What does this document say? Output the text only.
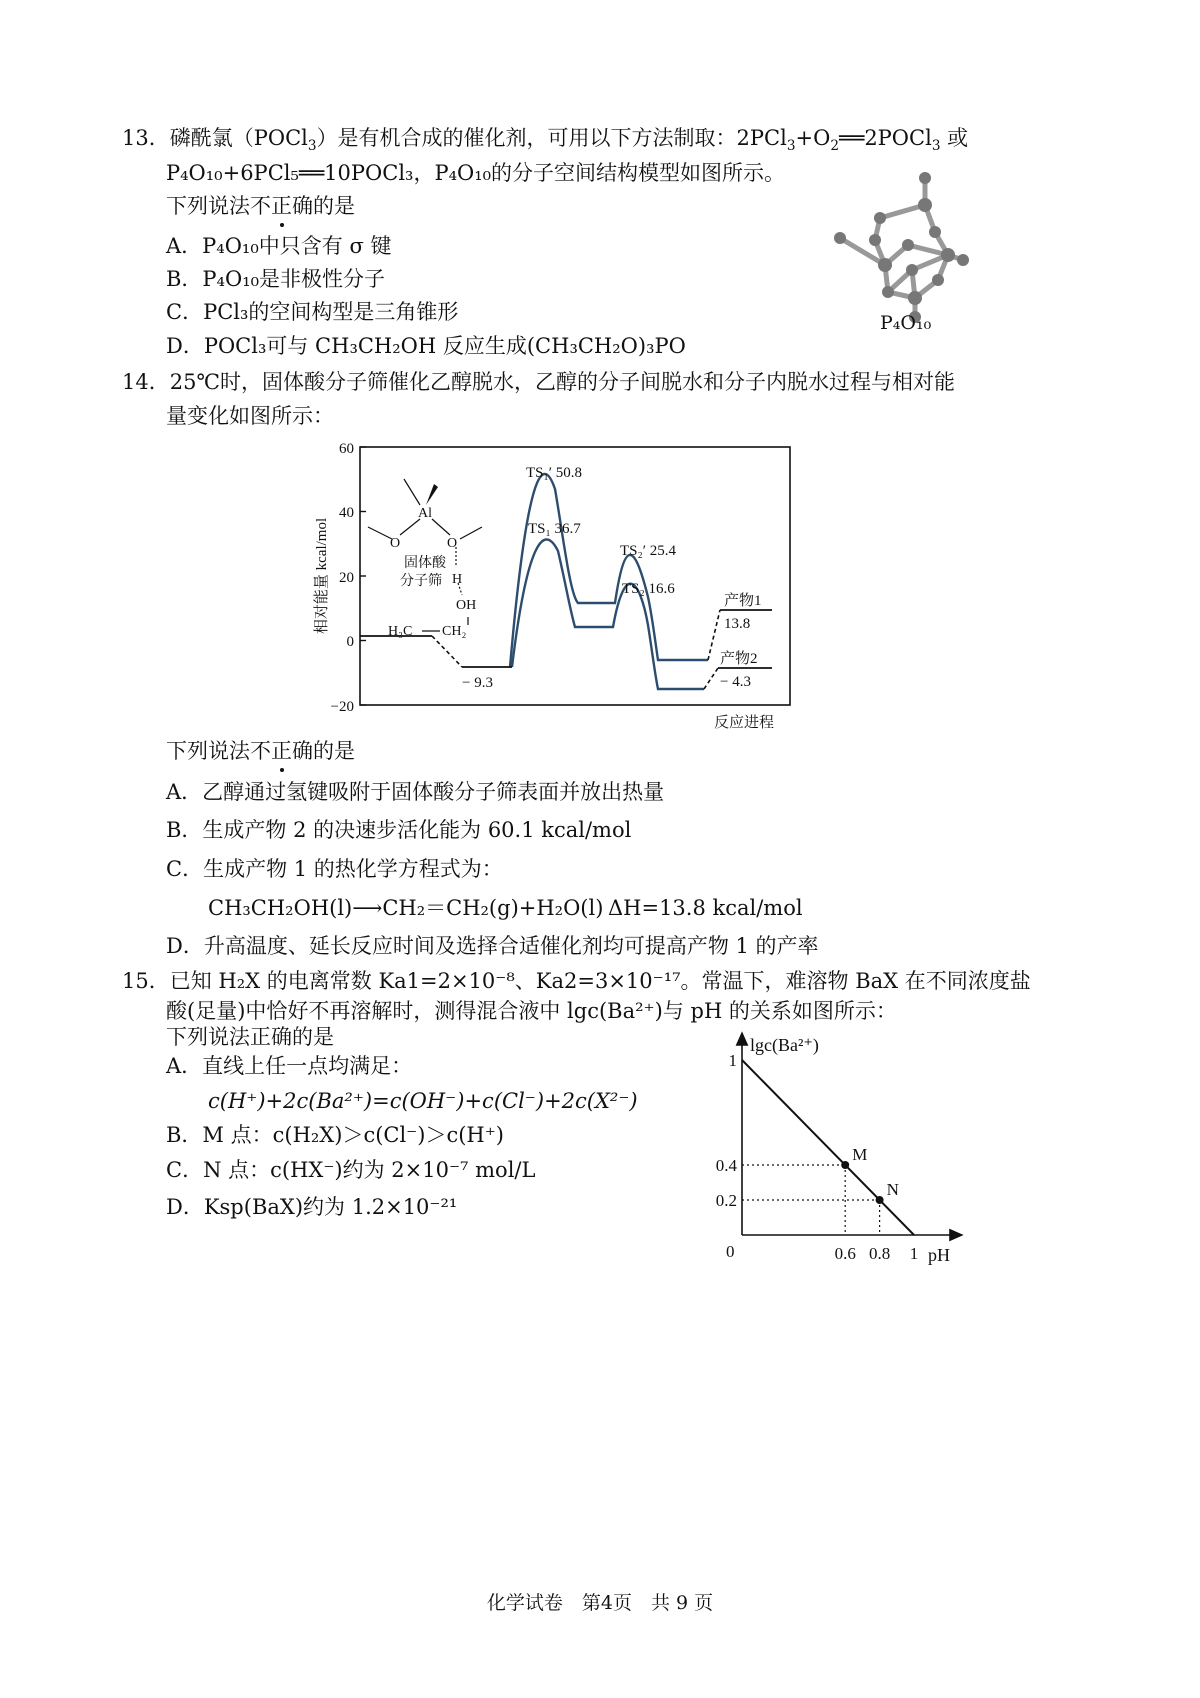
13．磷酰氯（POCl$_3$）是有机合成的催化剂，可用以下方法制取：$2PCl_3+O_2══2POCl_3$ 或
P₄O₁₀+6PCl₅══10POCl₃，P₄O₁₀的分子空间结构模型如图所示。
下列说法不正确的是
A．P₄O₁₀中只含有 σ 键
B．P₄O₁₀是非极性分子
C．PCl₃的空间构型是三角锥形
D．POCl₃可与 CH₃CH₂OH 反应生成(CH₃CH₂O)₃PO
P₄O₁₀
14．25℃时，固体酸分子筛催化乙醇脱水，乙醇的分子间脱水和分子内脱水过程与相对能
量变化如图所示：
60
40
20
0
−20
相对能量 kcal/mol
TS₁′ 50.8
TS₁ 36.7
TS₂′ 25.4
TS₂ 16.6
产物1
13.8
产物2
− 4.3
− 9.3
反应进程
Al
O	O
固体酸
分子筛 H
OH
H₃C CH₂
下列说法不正确的是
A．乙醇通过氢键吸附于固体酸分子筛表面并放出热量
B．生成产物 2 的决速步活化能为 60.1 kcal/mol
C．生成产物 1 的热化学方程式为：
CH₃CH₂OH(l)⟶CH₂＝CH₂(g)+H₂O(l) ΔH=13.8 kcal/mol
D．升高温度、延长反应时间及选择合适催化剂均可提高产物 1 的产率
15．已知 H₂X 的电离常数 Ka1=2×10⁻⁸、Ka2=3×10⁻¹⁷。常温下，难溶物 BaX 在不同浓度盐
酸(足量)中恰好不再溶解时，测得混合液中 lgc(Ba²⁺)与 pH 的关系如图所示：
下列说法正确的是
A．直线上任一点均满足：
c(H⁺)+2c(Ba²⁺)=c(OH⁻)+c(Cl⁻)+2c(X²⁻)
B．M 点：c(H₂X)＞c(Cl⁻)＞c(H⁺)
C．N 点：c(HX⁻)约为 2×10⁻⁷ mol/L
D．Ksp(BaX)约为 1.2×10⁻²¹
M
N
0.6 0.8 1
1
0.4
0.2
lgc(Ba²⁺)
pH
0
化学试卷　第4页　共 9 页
